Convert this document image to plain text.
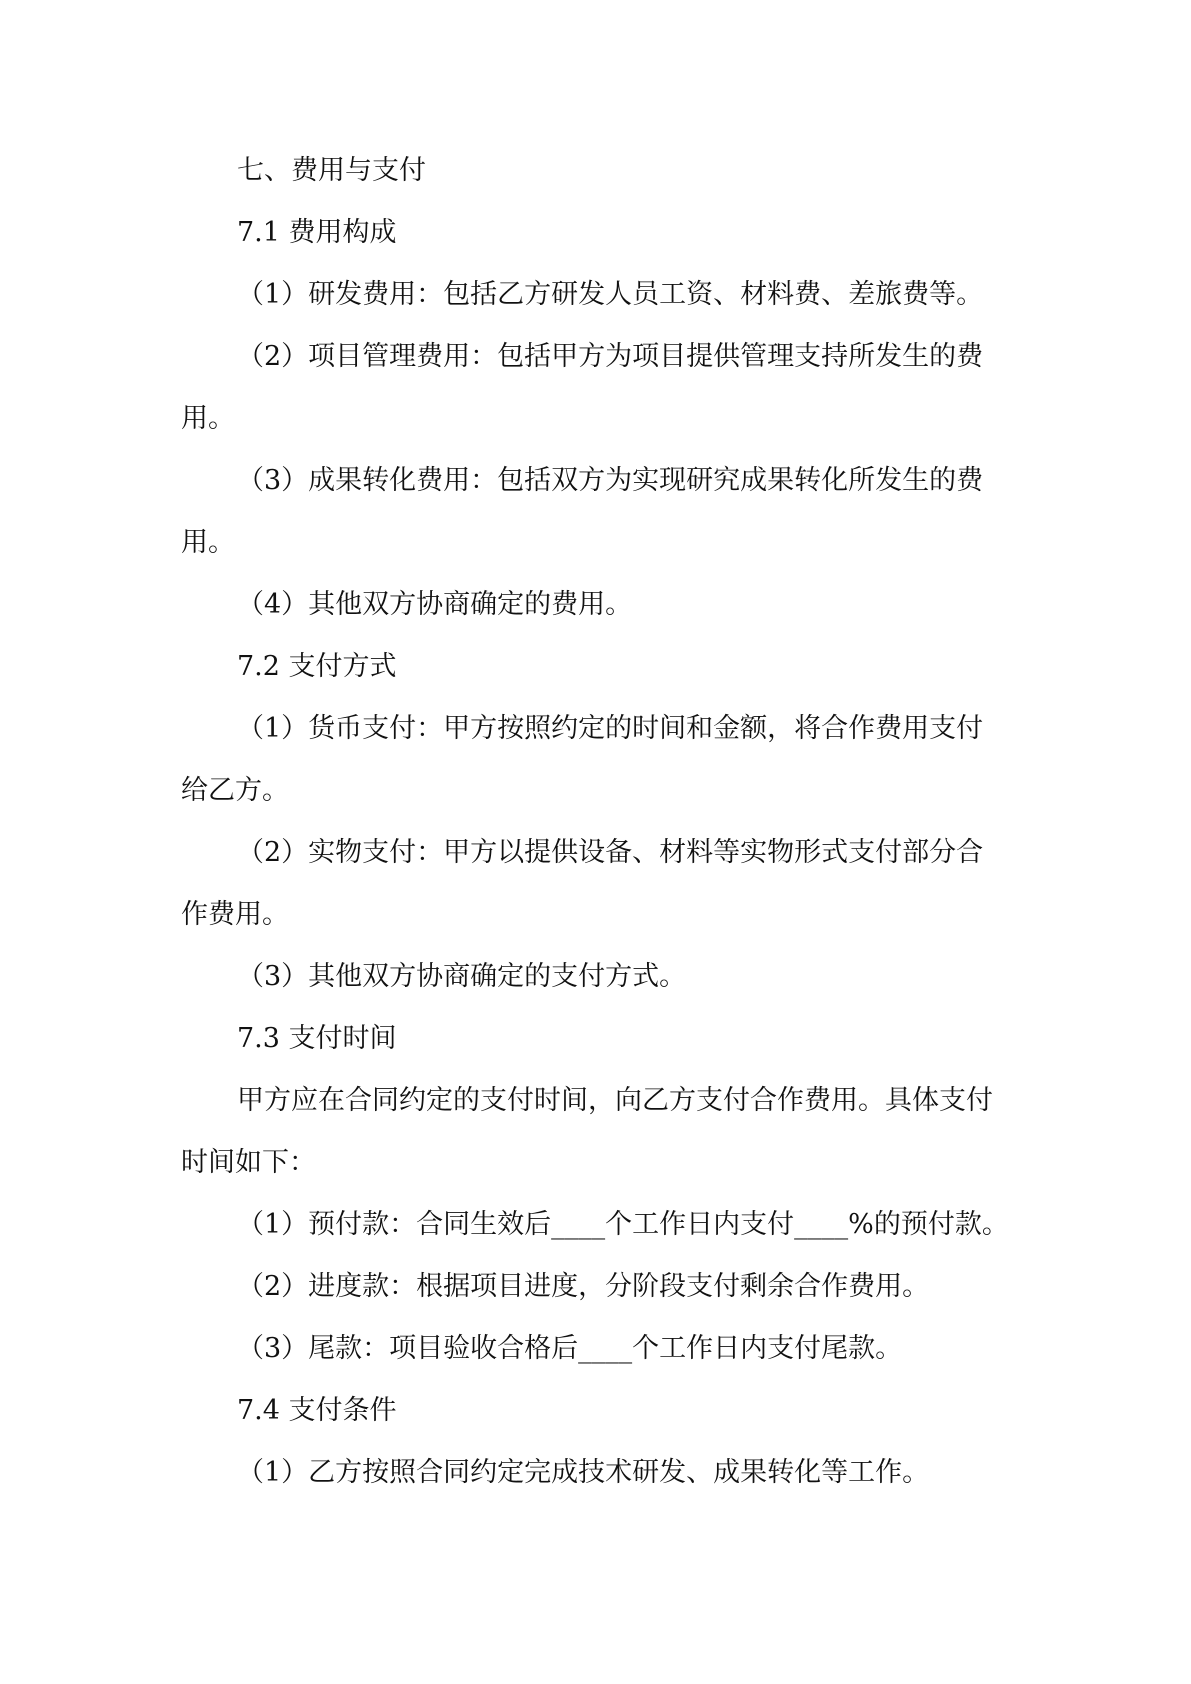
七、费用与支付

7.1 费用构成

（1）研发费用：包括乙方研发人员工资、材料费、差旅费等。

（2）项目管理费用：包括甲方为项目提供管理支持所发生的费

用。

（3）成果转化费用：包括双方为实现研究成果转化所发生的费

用。

（4）其他双方协商确定的费用。

7.2 支付方式

（1）货币支付：甲方按照约定的时间和金额，将合作费用支付

给乙方。

（2）实物支付：甲方以提供设备、材料等实物形式支付部分合

作费用。

（3）其他双方协商确定的支付方式。

7.3 支付时间

甲方应在合同约定的支付时间，向乙方支付合作费用。具体支付

时间如下：

（1）预付款：合同生效后____个工作日内支付____%的预付款。

（2）进度款：根据项目进度，分阶段支付剩余合作费用。

（3）尾款：项目验收合格后____个工作日内支付尾款。

7.4 支付条件

（1）乙方按照合同约定完成技术研发、成果转化等工作。
